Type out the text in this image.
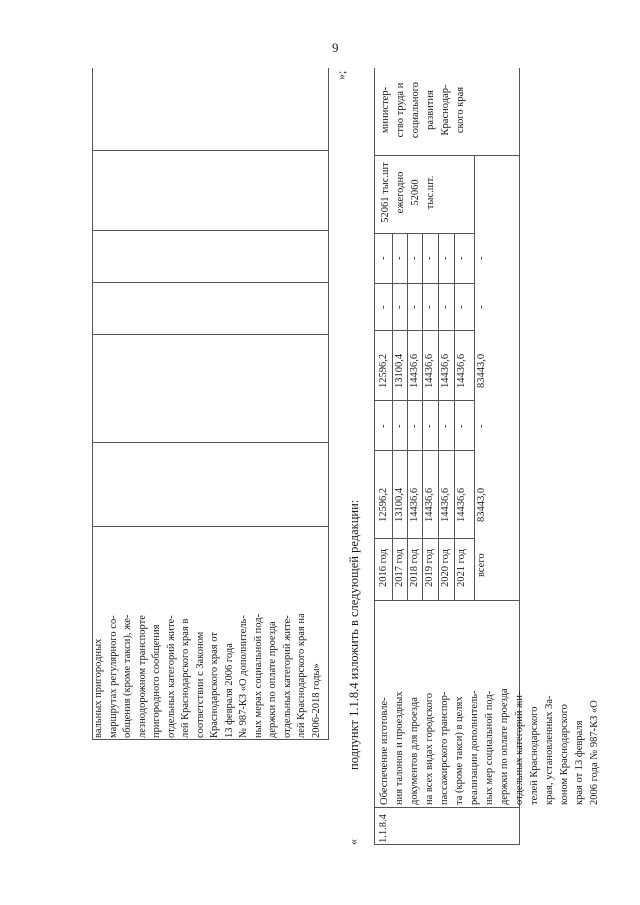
9
вальных пригородных маршрутах регулярного со- общения (кроме такси), же- лезнодорожном транспорте пригородного сообщения отдельных категорий жите- лей Краснодарского края в соответствии с Законом Краснодарского края от 13 февраля 2006 года № 987-КЗ «О дополнитель- ных мерах социальной под- держки по оплате проезда отдельных категорий жите- лей Краснодарского края на 2006-2018 годы»
»;
подпункт 1.1.8.4 изложить в следующей редакции:
« 1.1.8.4
Обеспечение изготовле- ния талонов и проездных документов для проезда на всех видах городского пассажирского транспор- та (кроме такси) в целях реализации дополнитель- ных мер социальной под- держки по оплате проезда отдельных категорий жи- телей Краснодарского края, установленных За- коном Краснодарского края от 13 февраля 2006 года № 987-КЗ «О
2016 год
12596,2
-
12596,2
-
-
2017 год
13100,4
-
13100,4
-
-
2018 год
14436,6
-
14436,6
-
-
2019 год
14436,6
-
14436,6
-
-
2020 год
14436,6
-
14436,6
-
-
2021 год
14436,6
-
14436,6
-
-
всего
83443,0
-
83443,0
-
-
52061 тыс.шт ежегодно 52060 тыс.шт.
министер- ство труда и социального развития Краснодар- ского края
